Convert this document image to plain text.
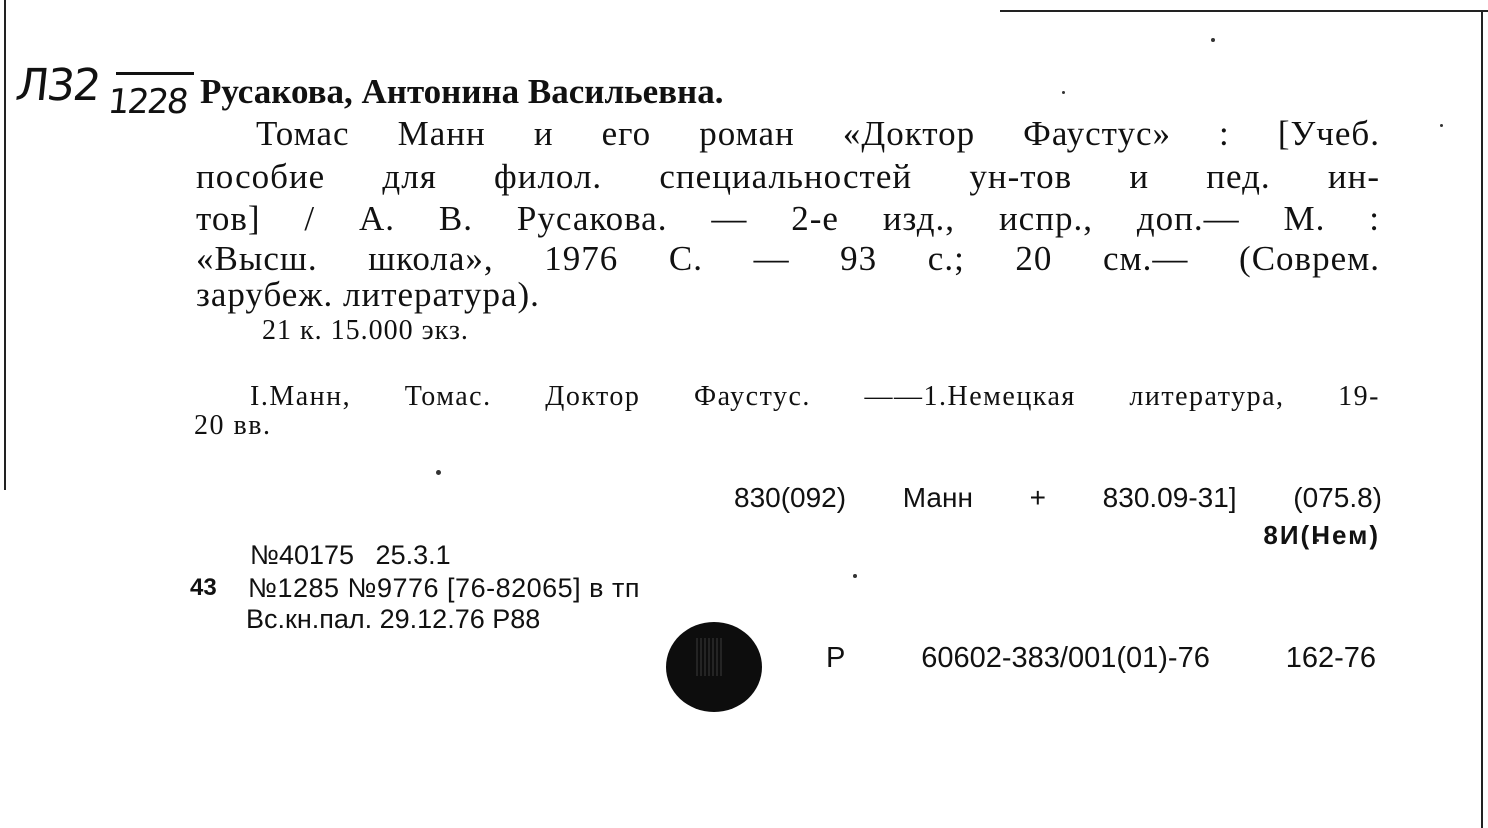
Л32 1228 Русакова, Антонина Васильевна.
Томас Манн и его роман «Доктор Фаустус» : [Учеб.
пособие для филол. специальностей ун-тов и пед. ин-
тов] / А. В. Русакова. — 2-е изд., испр., доп.— М. :
«Высш. школа», 1976 С. — 93 с.; 20 см.— (Соврем.
зарубеж. литература).
21 к. 15.000 экз.
I.Манн, Томас. Доктор Фаустус. ——1.Немецкая литература, 19-
20 вв.
830(092) Манн + 830.09-31] (075.8)
8И(Нем)
№40175 25.3.1
43 №1285 №9776 [76-82065] в тп
Вс.кн.пал. 29.12.76 Р88
Р 60602-383/001(01)-76 162-76
